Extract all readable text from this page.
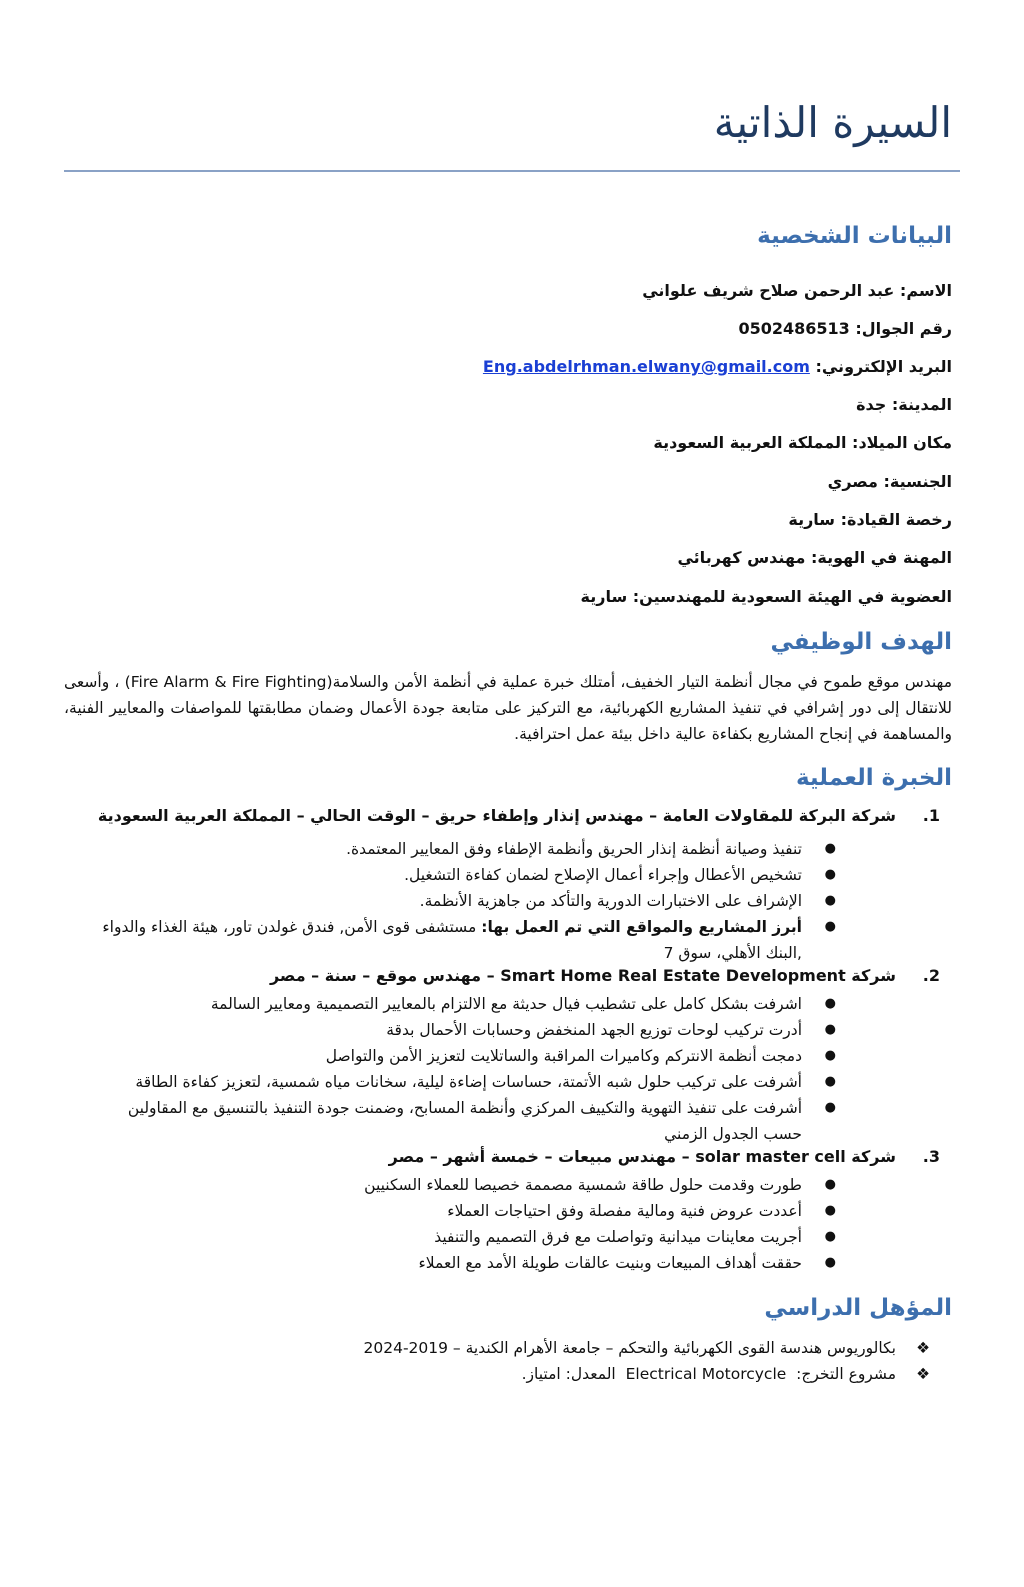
السيرة الذاتية
البيانات الشخصية
الاسم: عبد الرحمن صلاح شريف علواني
رقم الجوال: 0502486513
البريد الإلكتروني: Eng.abdelrhman.elwany@gmail.com
المدينة: جدة
مكان الميلاد: المملكة العربية السعودية
الجنسية: مصري
رخصة القيادة: سارية
المهنة في الهوية: مهندس كهربائي
العضوية في الهيئة السعودية للمهندسين: سارية
الهدف الوظيفي

مهندس موقع طموح في مجال أنظمة التيار الخفيف، أمتلك خبرة عملية في أنظمة الأمن والسلامة(Fire Alarm & Fire Fighting) ، وأسعى للانتقال إلى دور إشرافي في تنفيذ المشاريع الكهربائية، مع التركيز على متابعة جودة الأعمال وضمان مطابقتها للمواصفات والمعايير الفنية، والمساهمة في إنجاح المشاريع بكفاءة عالية داخل بيئة عمل احترافية.

الخبرة العملية
1.شركة البركة للمقاولات العامة – مهندس إنذار وإطفاء حريق – الوقت الحالي – المملكة العربية السعودية
●
تنفيذ وصيانة أنظمة إنذار الحريق وأنظمة الإطفاء وفق المعايير المعتمدة.
●
تشخيص الأعطال وإجراء أعمال الإصلاح لضمان كفاءة التشغيل.
●
الإشراف على الاختبارات الدورية والتأكد من جاهزية الأنظمة.
●
أبرز المشاريع والمواقع التي تم العمل بها: مستشفى قوى الأمن, فندق غولدن تاور، هيئة الغذاء والدواء ,البنك الأهلي، سوق 7
2.شركة Smart Home Real Estate Development – مهندس موقع – سنة – مصر
●
اشرفت بشكل كامل على تشطيب فيال حديثة مع الالتزام بالمعايير التصميمية ومعايير السالمة
●
أدرت تركيب لوحات توزيع الجهد المنخفض وحسابات الأحمال بدقة
●
دمجت أنظمة الانتركم وكاميرات المراقبة والساتلايت لتعزيز الأمن والتواصل
●
أشرفت على تركيب حلول شبه الأتمتة، حساسات إضاءة ليلية، سخانات مياه شمسية، لتعزيز كفاءة الطاقة
●
أشرفت على تنفيذ التهوية والتكييف المركزي وأنظمة المسابح، وضمنت جودة التنفيذ بالتنسيق مع المقاولين حسب الجدول الزمني
3.شركة solar master cell – مهندس مبيعات – خمسة أشهر – مصر
●
طورت وقدمت حلول طاقة شمسية مصممة خصيصا للعملاء السكنيين
●
أعددت عروض فنية ومالية مفصلة وفق احتياجات العملاء
●
أجريت معاينات ميدانية وتواصلت مع فرق التصميم والتنفيذ
●
حققت أهداف المبيعات وبنيت عالقات طويلة الأمد مع العملاء
المؤهل الدراسي
❖
بكالوريوس هندسة القوى الكهربائية والتحكم – جامعة الأهرام الكندية – 2019-2024
❖
مشروع التخرج:  Electrical Motorcycle  المعدل: امتياز.
